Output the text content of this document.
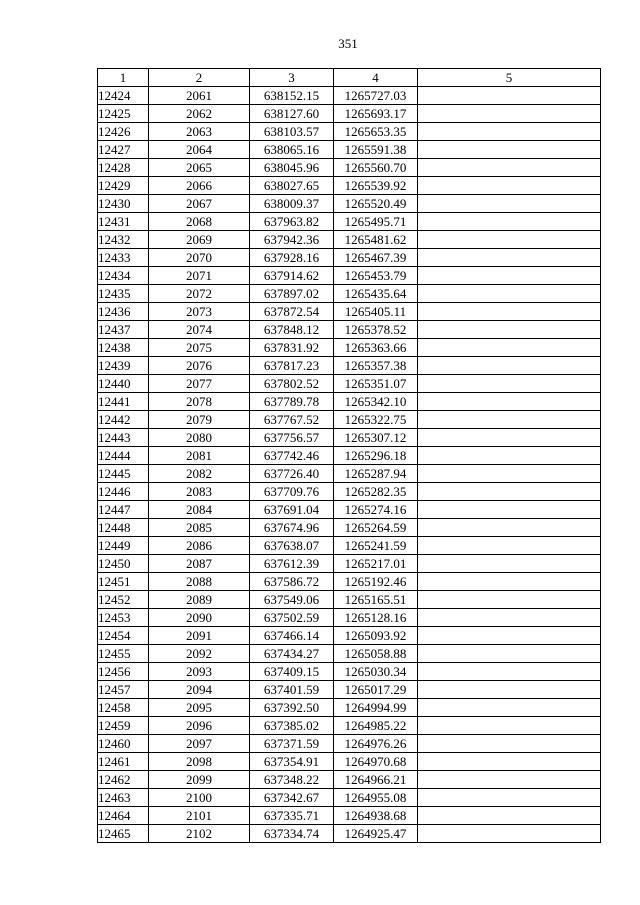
351
1	2	3	4	5
12424	2061	638152.15	1265727.03	
12425	2062	638127.60	1265693.17	
12426	2063	638103.57	1265653.35	
12427	2064	638065.16	1265591.38	
12428	2065	638045.96	1265560.70	
12429	2066	638027.65	1265539.92	
12430	2067	638009.37	1265520.49	
12431	2068	637963.82	1265495.71	
12432	2069	637942.36	1265481.62	
12433	2070	637928.16	1265467.39	
12434	2071	637914.62	1265453.79	
12435	2072	637897.02	1265435.64	
12436	2073	637872.54	1265405.11	
12437	2074	637848.12	1265378.52	
12438	2075	637831.92	1265363.66	
12439	2076	637817.23	1265357.38	
12440	2077	637802.52	1265351.07	
12441	2078	637789.78	1265342.10	
12442	2079	637767.52	1265322.75	
12443	2080	637756.57	1265307.12	
12444	2081	637742.46	1265296.18	
12445	2082	637726.40	1265287.94	
12446	2083	637709.76	1265282.35	
12447	2084	637691.04	1265274.16	
12448	2085	637674.96	1265264.59	
12449	2086	637638.07	1265241.59	
12450	2087	637612.39	1265217.01	
12451	2088	637586.72	1265192.46	
12452	2089	637549.06	1265165.51	
12453	2090	637502.59	1265128.16	
12454	2091	637466.14	1265093.92	
12455	2092	637434.27	1265058.88	
12456	2093	637409.15	1265030.34	
12457	2094	637401.59	1265017.29	
12458	2095	637392.50	1264994.99	
12459	2096	637385.02	1264985.22	
12460	2097	637371.59	1264976.26	
12461	2098	637354.91	1264970.68	
12462	2099	637348.22	1264966.21	
12463	2100	637342.67	1264955.08	
12464	2101	637335.71	1264938.68	
12465	2102	637334.74	1264925.47	
